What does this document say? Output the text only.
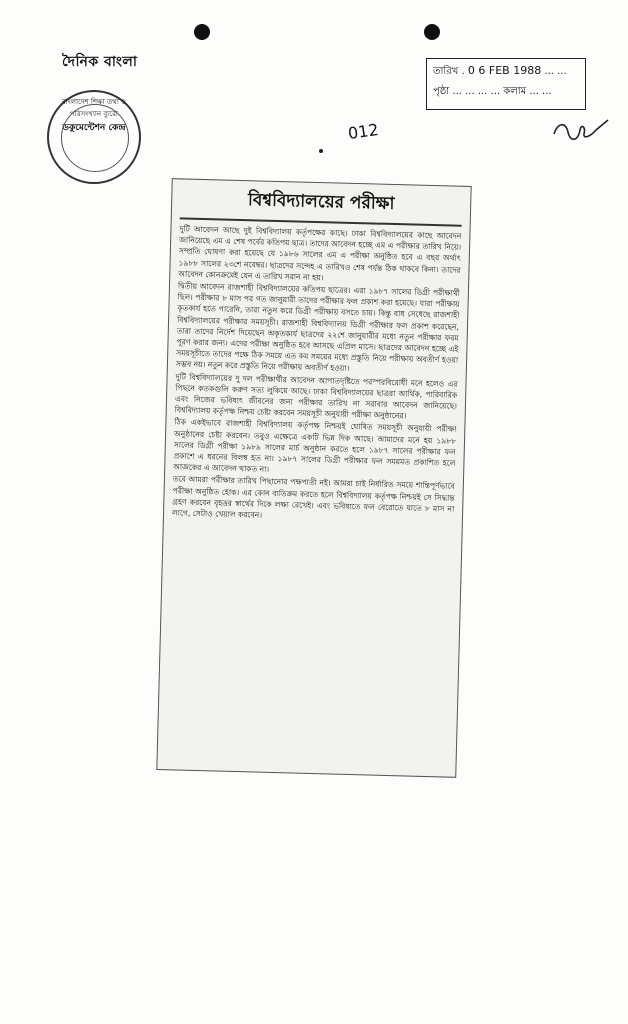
দৈনিক বাংলা
তারিখ . 0 6 FEB 1988 ... ...
পৃষ্ঠা ... ... ... ... কলাম ... ...
বাংলাদেশ শিক্ষা তথ্য ও পরিসংখ্যান ব্যুরো
ডকুমেন্টেশন কেন্দ্র	012
বিশ্ববিদ্যালয়ের পরীক্ষা

দুটি আবেদন আছে দুই বিশ্ববিদ্যালয় কর্তৃপক্ষের কাছে। ঢাকা বিশ্ববিদ্যালয়ের কাছে আবেদন জানিয়েছে এম এ শেষ পর্বের কতিপয় ছাত্র। তাদের আবেদন হচ্ছে এম এ পরীক্ষার তারিখ নিয়ে। সম্প্রতি ঘোষণা করা হয়েছে যে ১৯৮৬ সালের এম এ পরীক্ষা অনুষ্ঠিত হবে এ বছর অর্থাৎ ১৯৮৮ সালের ২৩শে নবেম্বর। ছাত্রদের সন্দেহ এ তারিখও শেষ পর্যন্ত ঠিক থাকবে কিনা। তাদের আবেদন কোনক্রমেই যেন এ তারিখ সরান না হয়।

দ্বিতীয় আবেদন রাজশাহী বিশ্ববিদ্যালয়ের কতিপয় ছাত্রের। এরা ১৯৮৭ সালের ডিগ্রী পরীক্ষার্থী ছিল। পরীক্ষার ৮ মাস পর গত জানুয়ারী তাদের পরীক্ষার ফল প্রকাশ করা হয়েছে। যারা পরীক্ষায় কৃতকার্য হতে পারেনি, তারা নতুন করে ডিগ্রী পরীক্ষায় বসতে চায়। কিন্তু বাধ সেধেছে রাজশাহী বিশ্ববিদ্যালয়ের পরীক্ষার সময়সূচী। রাজশাহী বিশ্ববিদ্যালয় ডিগ্রী পরীক্ষার ফল প্রকাশ করেছেন, তারা তাদের নির্দেশ দিয়েছেন অকৃতকার্য ছাত্রদের ২২শে জানুয়ারীর মধ্যে নতুন পরীক্ষার ফরম পূরণ করার জন্য। এদের পরীক্ষা অনুষ্ঠিত হবে আসছে এপ্রিল মাসে। ছাত্রদের আবেদন হচ্ছে এই সময়সূচীতে তাদের পক্ষে ঠিক সময়ে এত কম সময়ের মধ্যে প্রস্তুতি নিয়ে পরীক্ষায় অবতীর্ণ হওয়া সম্ভব নয়। নতুন করে প্রস্তুতি নিয়ে পরীক্ষায় অবতীর্ণ হওয়া।

দুটি বিশ্ববিদ্যালয়ের দু দল পরীক্ষার্থীর আবেদন আপাতদৃষ্টিতে পরস্পরবিরোধী মনে হলেও এর পিছনে কতকগুলি করুণ সত্য লুকিয়ে আছে। ঢাকা বিশ্ববিদ্যালয়ের ছাত্ররা আর্থিক, পারিবারিক এবং নিজের ভবিষ্যৎ জীবনের জন্য পরীক্ষার তারিখ না সরাবার আবেদন জানিয়েছে। বিশ্ববিদ্যালয় কর্তৃপক্ষ নিশ্চয় চেষ্টা করবেন সময়সূচী অনুযায়ী পরীক্ষা অনুষ্ঠানের।

ঠিক একইভাবে রাজশাহী বিশ্ববিদ্যালয় কর্তৃপক্ষ নিশ্চয়ই ঘোষিত সময়সূচী অনুযায়ী পরীক্ষা অনুষ্ঠানের চেষ্টা করবেন। তবুও এক্ষেত্রে একটি ভিন্ন দিক আছে। আমাদের মনে হয় ১৯৮৮ সালের ডিগ্রী পরীক্ষা ১৯৮৯ সালের মার্চ অনুষ্ঠান করতে হলে ১৯৮৭ সালের পরীক্ষার ফল প্রকাশে এ ধরনের বিলম্ব হত না। ১৯৮৭ সালের ডিগ্রী পরীক্ষার ফল সময়মত প্রকাশিত হলে আজকের এ আবেদন থাকত না।

তবে আমরা পরীক্ষার তারিখ পিছানোর পক্ষপাতী নই। আমরা চাই নির্ধারিত সময়ে শান্তিপূর্ণভাবে পরীক্ষা অনুষ্ঠিত হোক। এর কোন ব্যতিক্রম করতে হলে বিশ্ববিদ্যালয় কর্তৃপক্ষ নিশ্চয়ই সে সিদ্ধান্ত গ্রহণ করবেন বৃহত্তর স্বার্থের দিকে লক্ষ্য রেখেই। এবং ভবিষ্যতে ফল বেরোতে যাতে ৮ মাস না লাগে, সেটাও খেয়াল করবেন।
